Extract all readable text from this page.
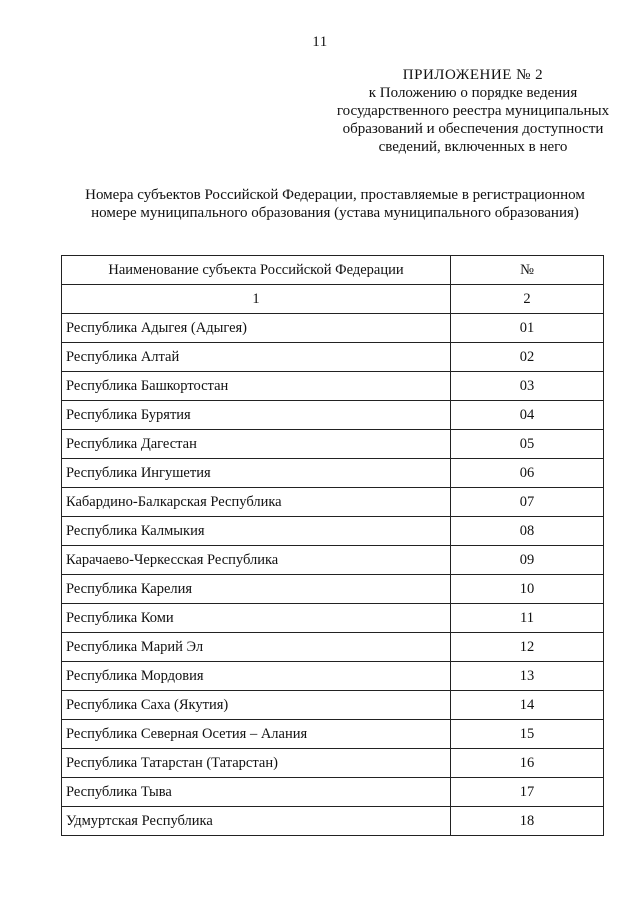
11
ПРИЛОЖЕНИЕ № 2
к Положению о порядке ведения
государственного реестра муниципальных
образований и обеспечения доступности
сведений, включенных в него
Номера субъектов Российской Федерации, проставляемые в регистрационном
номере муниципального образования (устава муниципального образования)
Наименование субъекта Российской Федерации	№
1	2
Республика Адыгея (Адыгея)	01
Республика Алтай	02
Республика Башкортостан	03
Республика Бурятия	04
Республика Дагестан	05
Республика Ингушетия	06
Кабардино-Балкарская Республика	07
Республика Калмыкия	08
Карачаево-Черкесская Республика	09
Республика Карелия	10
Республика Коми	11
Республика Марий Эл	12
Республика Мордовия	13
Республика Саха (Якутия)	14
Республика Северная Осетия – Алания	15
Республика Татарстан (Татарстан)	16
Республика Тыва	17
Удмуртская Республика	18
